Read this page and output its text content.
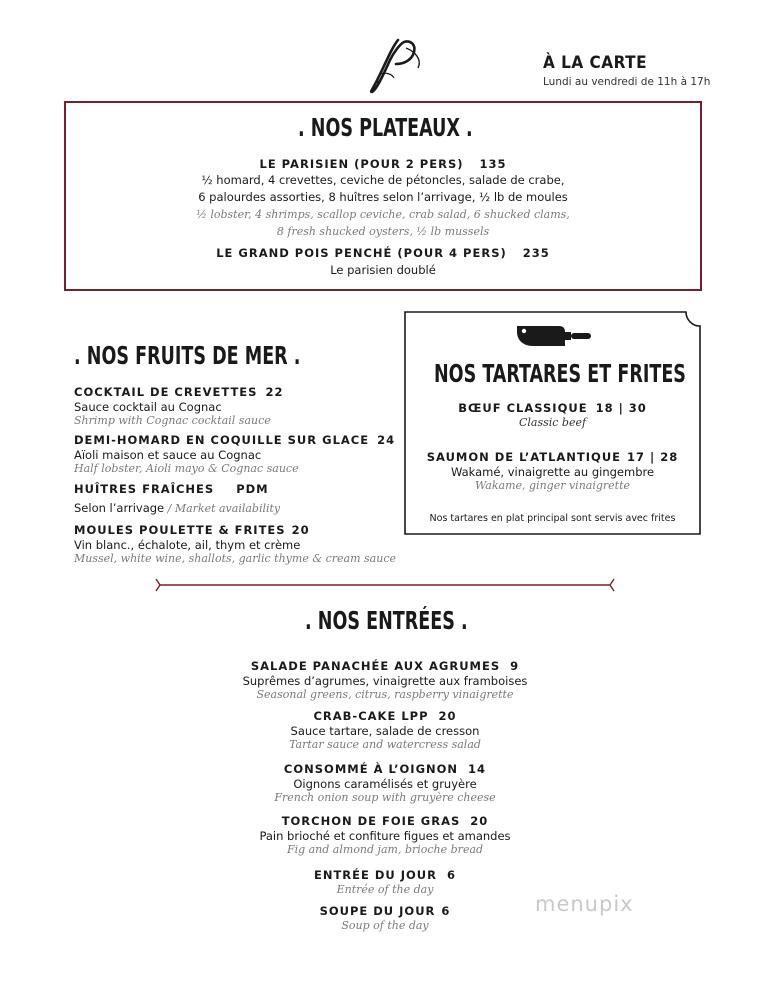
À LA CARTE
Lundi au vendredi de 11h à 17h
. NOS PLATEAUX .
LE PARISIEN (POUR 2 PERS) 135
½ homard, 4 crevettes, ceviche de pétoncles, salade de crabe,
6 palourdes assorties, 8 huîtres selon l’arrivage, ½ lb de moules
½ lobster, 4 shrimps, scallop ceviche, crab salad, 6 shucked clams,
8 fresh shucked oysters, ½ lb mussels
LE GRAND POIS PENCHÉ (POUR 4 PERS) 235
Le parisien doublé
. NOS FRUITS DE MER .
COCKTAIL DE CREVETTES 22
Sauce cocktail au Cognac
Shrimp with Cognac cocktail sauce
DEMI-HOMARD EN COQUILLE SUR GLACE 24
Aïoli maison et sauce au Cognac
Half lobster, Aioli mayo & Cognac sauce
HUÎTRES FRAÎCHES PDM
Selon l’arrivage / Market availability
MOULES POULETTE & FRITES 20
Vin blanc., échalote, ail, thym et crème
Mussel, white wine, shallots, garlic thyme & cream sauce
NOS TARTARES ET FRITES
BŒUF CLASSIQUE 18 | 30
Classic beef
SAUMON DE L’ATLANTIQUE 17 | 28
Wakamé, vinaigrette au gingembre
Wakame, ginger vinaigrette
Nos tartares en plat principal sont servis avec frites
. NOS ENTRÉES .
SALADE PANACHÉE AUX AGRUMES 9
Suprêmes d’agrumes, vinaigrette aux framboises
Seasonal greens, citrus, raspberry vinaigrette
CRAB-CAKE LPP 20
Sauce tartare, salade de cresson
Tartar sauce and watercress salad
CONSOMMÉ À L’OIGNON 14
Oignons caramélisés et gruyère
French onion soup with gruyère cheese
TORCHON DE FOIE GRAS 20
Pain brioché et confiture figues et amandes
Fig and almond jam, brioche bread
ENTRÉE DU JOUR 6
Entrée of the day
SOUPE DU JOUR 6
Soup of the day
menupix
